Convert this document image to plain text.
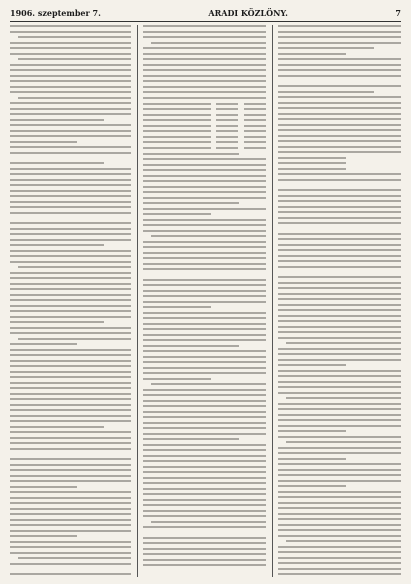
1906. szeptember 7.	ARADI KÖZLÖNY.	7
